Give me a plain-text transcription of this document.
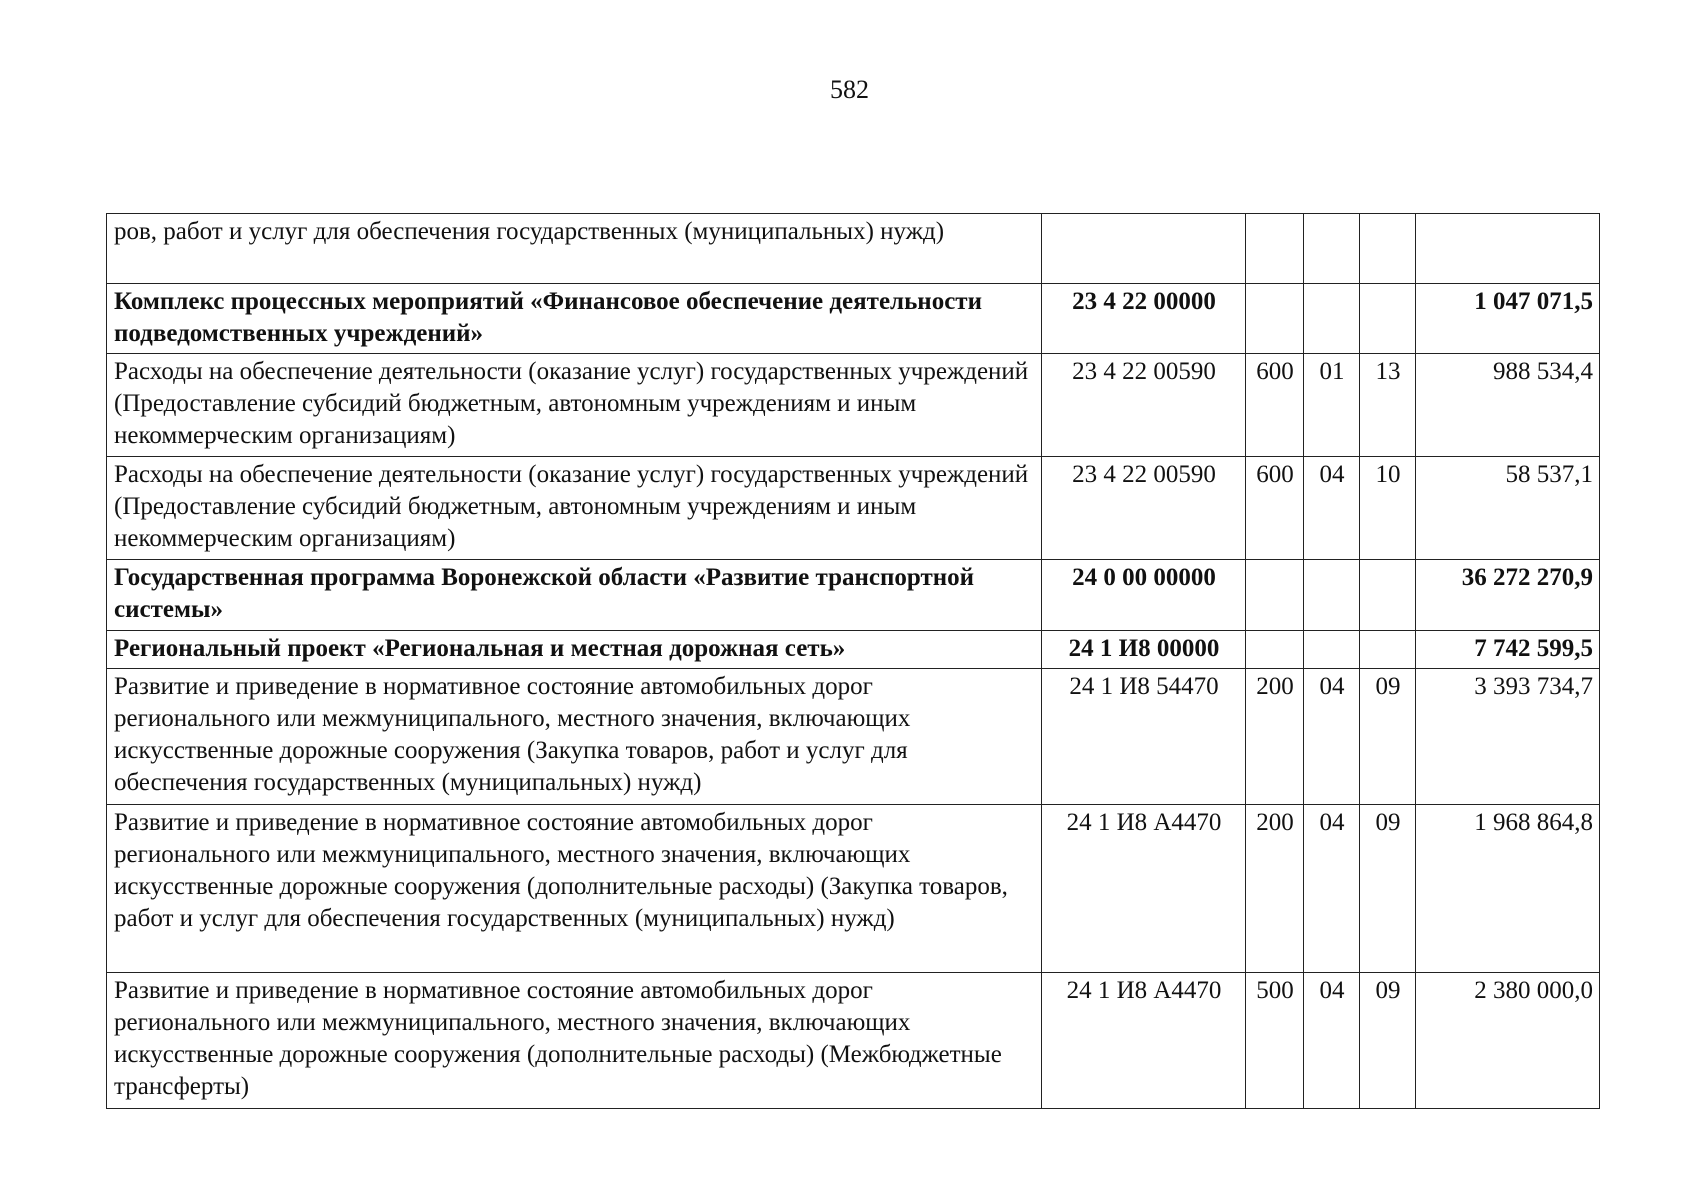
582
ров, работ и услуг для обеспечения государственных (муниципальных) нужд)					
Комплекс процессных мероприятий «Финансовое обеспечение деятельности подведомственных учреждений»	23 4 22 00000				1 047 071,5
Расходы на обеспечение деятельности (оказание услуг) государственных учреждений (Предоставление субсидий бюджетным, автономным учреждениям и иным некоммерческим организациям)	23 4 22 00590	600	01	13	988 534,4
Расходы на обеспечение деятельности (оказание услуг) государственных учреждений (Предоставление субсидий бюджетным, автономным учреждениям и иным некоммерческим организациям)	23 4 22 00590	600	04	10	58 537,1
Государственная программа Воронежской области «Развитие транспортной системы»	24 0 00 00000				36 272 270,9
Региональный проект «Региональная и местная дорожная сеть»	24 1 И8 00000				7 742 599,5
Развитие и приведение в нормативное состояние автомобильных дорог регионального или межмуниципального, местного значения, включающих искусственные дорожные сооружения (Закупка товаров, работ и услуг для обеспечения государственных (муниципальных) нужд)	24 1 И8 54470	200	04	09	3 393 734,7
Развитие и приведение в нормативное состояние автомобильных дорог регионального или межмуниципального, местного значения, включающих искусственные дорожные сооружения (дополнительные расходы) (Закупка товаров, работ и услуг для обеспечения государственных (муниципальных) нужд)	24 1 И8 А4470	200	04	09	1 968 864,8
Развитие и приведение в нормативное состояние автомобильных дорог регионального или межмуниципального, местного значения, включающих искусственные дорожные сооружения (дополнительные расходы) (Межбюджетные трансферты)	24 1 И8 А4470	500	04	09	2 380 000,0
